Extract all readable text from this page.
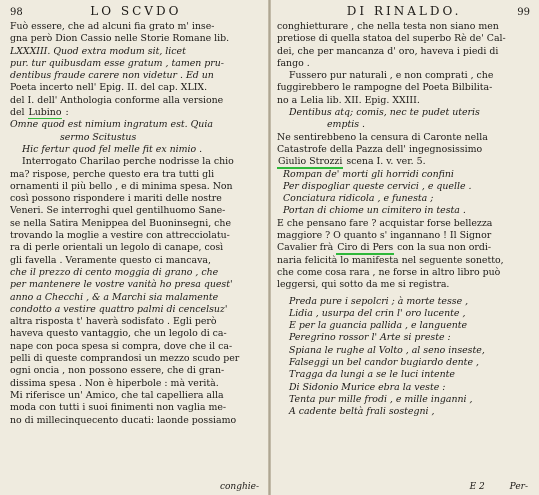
98	LO SCVDO
Fuò essere, che ad alcuni fia grato m' inse-
gna però Dion Cassio nelle Storie Romane lib.
LXXXIII. Quod extra modum sit, licet
pur. tur quibusdam esse gratum , tamen pru-
dentibus fraude carere non videtur . Ed un
Poeta incerto nell' Epig. II. del cap. XLIX.
del I. dell' Anthologia conforme alla versione
del Lubino :
Omne quod est nimium ingratum est. Quia
sermo Scitustus
Hic fertur quod fel melle fit ex nimio .
Interrogato Charilao perche nodrisse la chio
ma? rispose, perche questo era tra tutti gli
ornamenti il più bello , e di minima spesa. Non
così possono rispondere i mariti delle nostre
Veneri. Se interroghi quel gentilhuomo Sane-
se nella Satira Menippea del Buoninsegni, che
trovando la moglie a vestire con attrecciolatu-
ra di perle orientali un legolo di canape, così
gli favella . Veramente questo ci mancava,
che il prezzo di cento moggia di grano , che
per mantenere le vostre vanità ho presa quest'
anno a Checchi , & a Marchi sia malamente
condotto a vestire quattro palmi di cencelsuz'
altra risposta t' haverà sodisfato . Egli però
haveva questo vantaggio, che un legolo di ca-
nape con poca spesa si compra, dove che il ca-
pelli di queste comprandosi un mezzo scudo per
ogni oncia , non possono essere, che di gran-
dissima spesa . Non è hiperbole : mà verità.
Mi riferisce un' Amico, che tal capelliera alla
moda con tutti i suoi finimenti non vaglia me-
no di millecinquecento ducati: laonde possiamo
conghie-
DI RINALDO.	99
conghietturare , che nella testa non siano men
pretiose di quella statoa del superbo Rè de' Cal-
dei, che per mancanza d' oro, haveva i piedi di
fango .
Fussero pur naturali , e non comprati , che
fuggirebbero le rampogne del Poeta Bilbilita-
no a Lelia lib. XII. Epig. XXIII.
Dentibus atq; comis, nec te pudet uteris
emptis .
Ne sentirebbeno la censura di Caronte nella
Catastrofe della Pazza dell' ingegnosissimo
Giulio Strozzi scena I. v. ver. 5.
Rompan de' morti gli horridi confini
Per dispogliar queste cervici , e quelle .
Conciatura ridicola , e funesta ;
Portan di chiome un cimitero in testa .
E che pensano fare ? acquistar forse bellezza
maggiore ? O quanto s' ingannano ! Il Signor
Cavalier frà Ciro di Pers con la sua non ordi-
naria felicità lo manifesta nel seguente sonetto,
che come cosa rara , ne forse in altro libro può
leggersi, qui sotto da me si registra.
Preda pure i sepolcri ; à morte tesse ,
Lidia , usurpa del crin l' oro lucente ,
E per la guancia pallida , e languente
Peregrino rossor l' Arte si preste :
Spiana le rughe al Volto , al seno inseste,
Falseggi un bel candor bugiardo dente ,
Tragga da lungi a se le luci intente
Di Sidonio Murice ebra la veste :
Tenta pur mille frodi , e mille inganni ,
A cadente beltà frali sostegni ,
E 2	Per-
